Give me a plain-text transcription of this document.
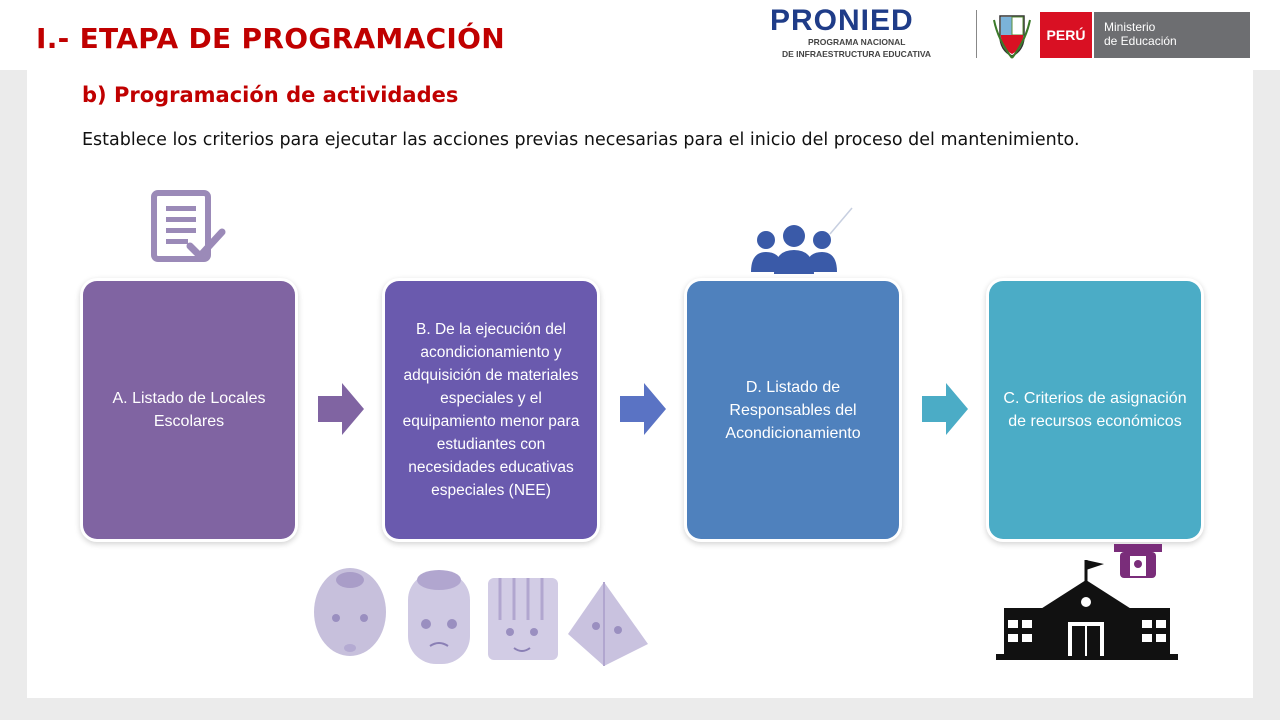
I.- ETAPA DE PROGRAMACIÓN
PRONIED
PROGRAMA NACIONAL
DE INFRAESTRUCTURA EDUCATIVA
PERÚ	Ministerio
de Educación
b) Programación de actividades
Establece los criterios para ejecutar las acciones previas necesarias para el inicio del proceso del mantenimiento.
A. Listado de Locales Escolares
B. De la ejecución del acondicionamiento y adquisición de materiales especiales y el equipamiento menor para estudiantes con necesidades educativas especiales (NEE)
D. Listado de Responsables del Acondicionamiento
C. Criterios de asignación de recursos económicos
